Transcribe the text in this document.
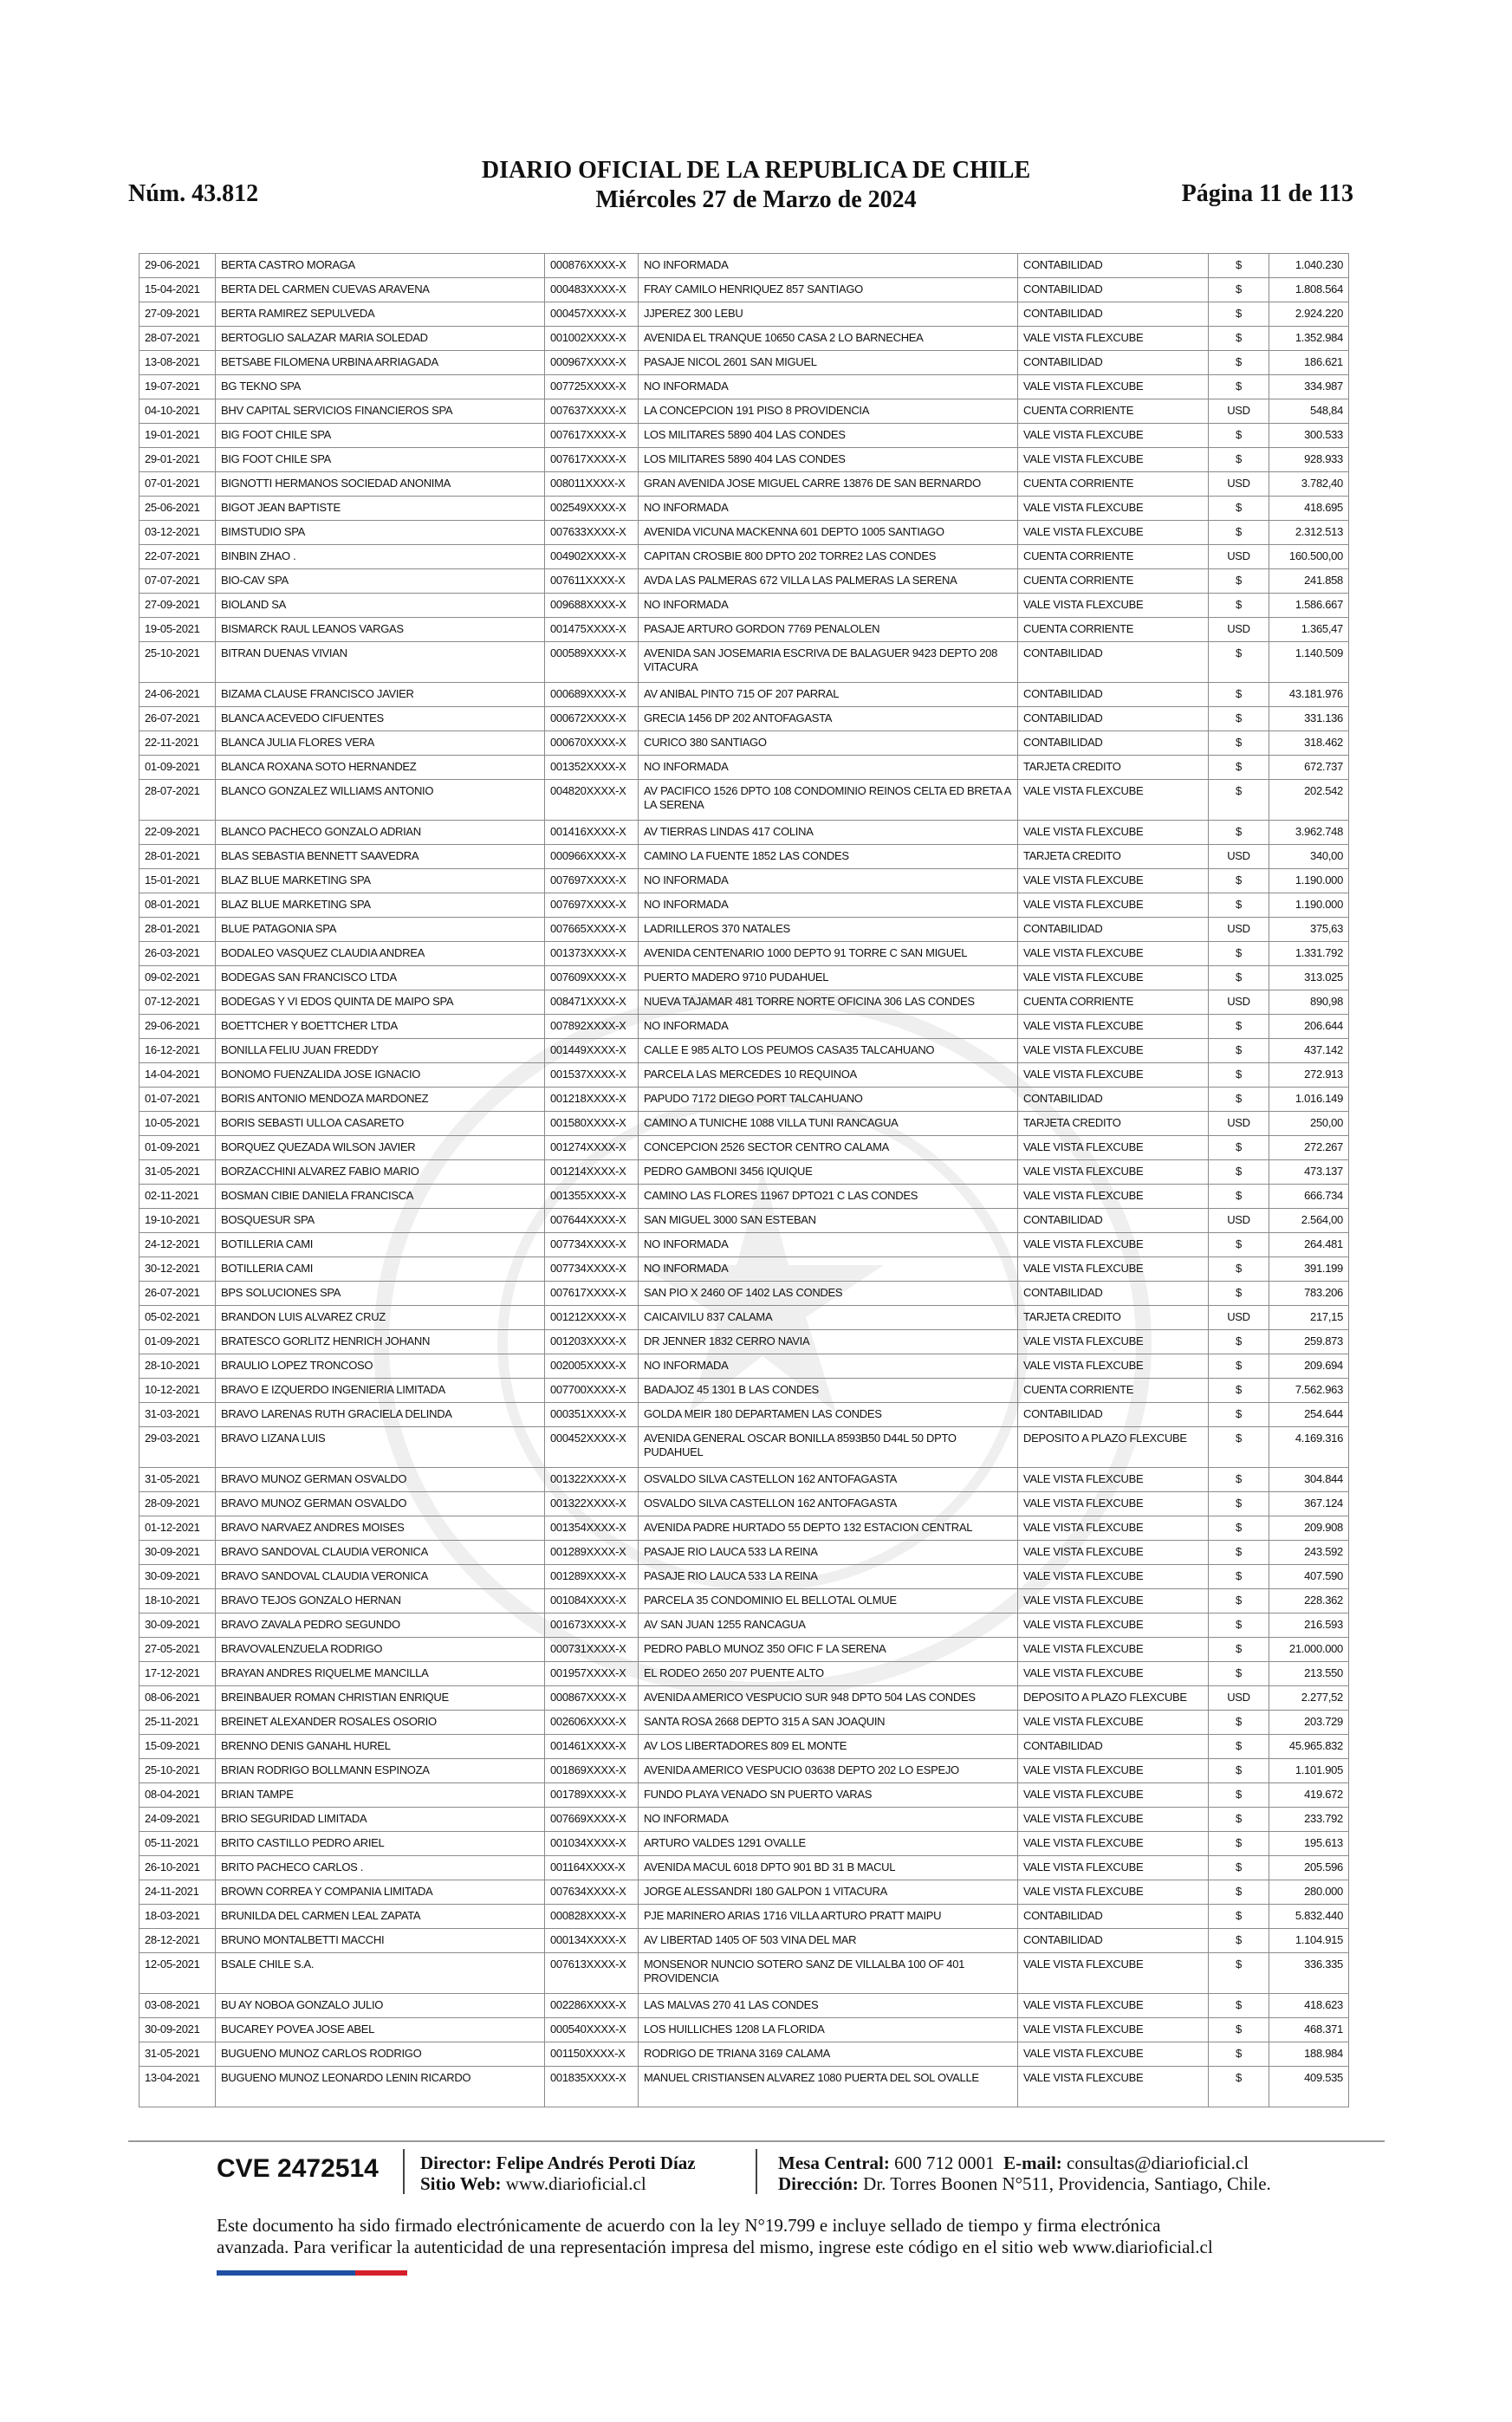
Núm. 43.812
DIARIO OFICIAL DE LA REPUBLICA DE CHILE
Miércoles 27 de Marzo de 2024	Página 11 de 113
29-06-2021	BERTA CASTRO MORAGA	000876XXXX-X	NO INFORMADA	CONTABILIDAD	$	1.040.230
15-04-2021	BERTA DEL CARMEN CUEVAS ARAVENA	000483XXXX-X	FRAY CAMILO HENRIQUEZ 857 SANTIAGO	CONTABILIDAD	$	1.808.564
27-09-2021	BERTA RAMIREZ SEPULVEDA	000457XXXX-X	JJPEREZ 300 LEBU	CONTABILIDAD	$	2.924.220
28-07-2021	BERTOGLIO SALAZAR MARIA SOLEDAD	001002XXXX-X	AVENIDA EL TRANQUE 10650 CASA 2 LO BARNECHEA	VALE VISTA FLEXCUBE	$	1.352.984
13-08-2021	BETSABE FILOMENA URBINA ARRIAGADA	000967XXXX-X	PASAJE NICOL 2601 SAN MIGUEL	CONTABILIDAD	$	186.621
19-07-2021	BG TEKNO SPA	007725XXXX-X	NO INFORMADA	VALE VISTA FLEXCUBE	$	334.987
04-10-2021	BHV CAPITAL SERVICIOS FINANCIEROS SPA	007637XXXX-X	LA CONCEPCION 191 PISO 8 PROVIDENCIA	CUENTA CORRIENTE	USD	548,84
19-01-2021	BIG FOOT CHILE SPA	007617XXXX-X	LOS MILITARES 5890 404 LAS CONDES	VALE VISTA FLEXCUBE	$	300.533
29-01-2021	BIG FOOT CHILE SPA	007617XXXX-X	LOS MILITARES 5890 404 LAS CONDES	VALE VISTA FLEXCUBE	$	928.933
07-01-2021	BIGNOTTI HERMANOS SOCIEDAD ANONIMA	008011XXXX-X	GRAN AVENIDA JOSE MIGUEL CARRE 13876 DE SAN BERNARDO	CUENTA CORRIENTE	USD	3.782,40
25-06-2021	BIGOT JEAN BAPTISTE	002549XXXX-X	NO INFORMADA	VALE VISTA FLEXCUBE	$	418.695
03-12-2021	BIMSTUDIO SPA	007633XXXX-X	AVENIDA VICUNA MACKENNA 601 DEPTO 1005 SANTIAGO	VALE VISTA FLEXCUBE	$	2.312.513
22-07-2021	BINBIN ZHAO .	004902XXXX-X	CAPITAN CROSBIE 800 DPTO 202 TORRE2 LAS CONDES	CUENTA CORRIENTE	USD	160.500,00
07-07-2021	BIO-CAV SPA	007611XXXX-X	AVDA LAS PALMERAS 672 VILLA LAS PALMERAS LA SERENA	CUENTA CORRIENTE	$	241.858
27-09-2021	BIOLAND SA	009688XXXX-X	NO INFORMADA	VALE VISTA FLEXCUBE	$	1.586.667
19-05-2021	BISMARCK RAUL LEANOS VARGAS	001475XXXX-X	PASAJE ARTURO GORDON 7769 PENALOLEN	CUENTA CORRIENTE	USD	1.365,47
25-10-2021	BITRAN DUENAS VIVIAN	000589XXXX-X	AVENIDA SAN JOSEMARIA ESCRIVA DE BALAGUER 9423 DEPTO 208 VITACURA	CONTABILIDAD	$	1.140.509
24-06-2021	BIZAMA CLAUSE FRANCISCO JAVIER	000689XXXX-X	AV ANIBAL PINTO 715 OF 207 PARRAL	CONTABILIDAD	$	43.181.976
26-07-2021	BLANCA ACEVEDO CIFUENTES	000672XXXX-X	GRECIA 1456 DP 202 ANTOFAGASTA	CONTABILIDAD	$	331.136
22-11-2021	BLANCA JULIA FLORES VERA	000670XXXX-X	CURICO 380 SANTIAGO	CONTABILIDAD	$	318.462
01-09-2021	BLANCA ROXANA SOTO HERNANDEZ	001352XXXX-X	NO INFORMADA	TARJETA CREDITO	$	672.737
28-07-2021	BLANCO GONZALEZ WILLIAMS ANTONIO	004820XXXX-X	AV PACIFICO 1526 DPTO 108 CONDOMINIO REINOS CELTA ED BRETA A LA SERENA	VALE VISTA FLEXCUBE	$	202.542
22-09-2021	BLANCO PACHECO GONZALO ADRIAN	001416XXXX-X	AV TIERRAS LINDAS 417 COLINA	VALE VISTA FLEXCUBE	$	3.962.748
28-01-2021	BLAS SEBASTIA BENNETT SAAVEDRA	000966XXXX-X	CAMINO LA FUENTE 1852 LAS CONDES	TARJETA CREDITO	USD	340,00
15-01-2021	BLAZ BLUE MARKETING SPA	007697XXXX-X	NO INFORMADA	VALE VISTA FLEXCUBE	$	1.190.000
08-01-2021	BLAZ BLUE MARKETING SPA	007697XXXX-X	NO INFORMADA	VALE VISTA FLEXCUBE	$	1.190.000
28-01-2021	BLUE PATAGONIA SPA	007665XXXX-X	LADRILLEROS 370 NATALES	CONTABILIDAD	USD	375,63
26-03-2021	BODALEO VASQUEZ CLAUDIA ANDREA	001373XXXX-X	AVENIDA CENTENARIO 1000 DEPTO 91 TORRE C SAN MIGUEL	VALE VISTA FLEXCUBE	$	1.331.792
09-02-2021	BODEGAS SAN FRANCISCO LTDA	007609XXXX-X	PUERTO MADERO 9710 PUDAHUEL	VALE VISTA FLEXCUBE	$	313.025
07-12-2021	BODEGAS Y VI EDOS QUINTA DE MAIPO SPA	008471XXXX-X	NUEVA TAJAMAR 481 TORRE NORTE OFICINA 306 LAS CONDES	CUENTA CORRIENTE	USD	890,98
29-06-2021	BOETTCHER Y BOETTCHER LTDA	007892XXXX-X	NO INFORMADA	VALE VISTA FLEXCUBE	$	206.644
16-12-2021	BONILLA FELIU JUAN FREDDY	001449XXXX-X	CALLE E 985 ALTO LOS PEUMOS CASA35 TALCAHUANO	VALE VISTA FLEXCUBE	$	437.142
14-04-2021	BONOMO FUENZALIDA JOSE IGNACIO	001537XXXX-X	PARCELA LAS MERCEDES 10 REQUINOA	VALE VISTA FLEXCUBE	$	272.913
01-07-2021	BORIS ANTONIO MENDOZA MARDONEZ	001218XXXX-X	PAPUDO 7172 DIEGO PORT TALCAHUANO	CONTABILIDAD	$	1.016.149
10-05-2021	BORIS SEBASTI ULLOA CASARETO	001580XXXX-X	CAMINO A TUNICHE 1088 VILLA TUNI RANCAGUA	TARJETA CREDITO	USD	250,00
01-09-2021	BORQUEZ QUEZADA WILSON JAVIER	001274XXXX-X	CONCEPCION 2526 SECTOR CENTRO CALAMA	VALE VISTA FLEXCUBE	$	272.267
31-05-2021	BORZACCHINI ALVAREZ FABIO MARIO	001214XXXX-X	PEDRO GAMBONI 3456 IQUIQUE	VALE VISTA FLEXCUBE	$	473.137
02-11-2021	BOSMAN CIBIE DANIELA FRANCISCA	001355XXXX-X	CAMINO LAS FLORES 11967 DPTO21 C LAS CONDES	VALE VISTA FLEXCUBE	$	666.734
19-10-2021	BOSQUESUR SPA	007644XXXX-X	SAN MIGUEL 3000 SAN ESTEBAN	CONTABILIDAD	USD	2.564,00
24-12-2021	BOTILLERIA CAMI	007734XXXX-X	NO INFORMADA	VALE VISTA FLEXCUBE	$	264.481
30-12-2021	BOTILLERIA CAMI	007734XXXX-X	NO INFORMADA	VALE VISTA FLEXCUBE	$	391.199
26-07-2021	BPS SOLUCIONES SPA	007617XXXX-X	SAN PIO X 2460 OF 1402 LAS CONDES	CONTABILIDAD	$	783.206
05-02-2021	BRANDON LUIS ALVAREZ CRUZ	001212XXXX-X	CAICAIVILU 837 CALAMA	TARJETA CREDITO	USD	217,15
01-09-2021	BRATESCO GORLITZ HENRICH JOHANN	001203XXXX-X	DR JENNER 1832 CERRO NAVIA	VALE VISTA FLEXCUBE	$	259.873
28-10-2021	BRAULIO LOPEZ TRONCOSO	002005XXXX-X	NO INFORMADA	VALE VISTA FLEXCUBE	$	209.694
10-12-2021	BRAVO E IZQUERDO INGENIERIA LIMITADA	007700XXXX-X	BADAJOZ 45 1301 B LAS CONDES	CUENTA CORRIENTE	$	7.562.963
31-03-2021	BRAVO LARENAS RUTH GRACIELA DELINDA	000351XXXX-X	GOLDA MEIR 180 DEPARTAMEN LAS CONDES	CONTABILIDAD	$	254.644
29-03-2021	BRAVO LIZANA LUIS	000452XXXX-X	AVENIDA GENERAL OSCAR BONILLA 8593B50 D44L 50 DPTO PUDAHUEL	DEPOSITO A PLAZO FLEXCUBE	$	4.169.316
31-05-2021	BRAVO MUNOZ GERMAN OSVALDO	001322XXXX-X	OSVALDO SILVA CASTELLON 162 ANTOFAGASTA	VALE VISTA FLEXCUBE	$	304.844
28-09-2021	BRAVO MUNOZ GERMAN OSVALDO	001322XXXX-X	OSVALDO SILVA CASTELLON 162 ANTOFAGASTA	VALE VISTA FLEXCUBE	$	367.124
01-12-2021	BRAVO NARVAEZ ANDRES MOISES	001354XXXX-X	AVENIDA PADRE HURTADO 55 DEPTO 132 ESTACION CENTRAL	VALE VISTA FLEXCUBE	$	209.908
30-09-2021	BRAVO SANDOVAL CLAUDIA VERONICA	001289XXXX-X	PASAJE RIO LAUCA 533 LA REINA	VALE VISTA FLEXCUBE	$	243.592
30-09-2021	BRAVO SANDOVAL CLAUDIA VERONICA	001289XXXX-X	PASAJE RIO LAUCA 533 LA REINA	VALE VISTA FLEXCUBE	$	407.590
18-10-2021	BRAVO TEJOS GONZALO HERNAN	001084XXXX-X	PARCELA 35 CONDOMINIO EL BELLOTAL OLMUE	VALE VISTA FLEXCUBE	$	228.362
30-09-2021	BRAVO ZAVALA PEDRO SEGUNDO	001673XXXX-X	AV SAN JUAN 1255 RANCAGUA	VALE VISTA FLEXCUBE	$	216.593
27-05-2021	BRAVOVALENZUELA RODRIGO	000731XXXX-X	PEDRO PABLO MUNOZ 350 OFIC F LA SERENA	VALE VISTA FLEXCUBE	$	21.000.000
17-12-2021	BRAYAN ANDRES RIQUELME MANCILLA	001957XXXX-X	EL RODEO 2650 207 PUENTE ALTO	VALE VISTA FLEXCUBE	$	213.550
08-06-2021	BREINBAUER ROMAN CHRISTIAN ENRIQUE	000867XXXX-X	AVENIDA AMERICO VESPUCIO SUR 948 DPTO 504 LAS CONDES	DEPOSITO A PLAZO FLEXCUBE	USD	2.277,52
25-11-2021	BREINET ALEXANDER ROSALES OSORIO	002606XXXX-X	SANTA ROSA 2668 DEPTO 315 A SAN JOAQUIN	VALE VISTA FLEXCUBE	$	203.729
15-09-2021	BRENNO DENIS GANAHL HUREL	001461XXXX-X	AV LOS LIBERTADORES 809 EL MONTE	CONTABILIDAD	$	45.965.832
25-10-2021	BRIAN RODRIGO BOLLMANN ESPINOZA	001869XXXX-X	AVENIDA AMERICO VESPUCIO 03638 DEPTO 202 LO ESPEJO	VALE VISTA FLEXCUBE	$	1.101.905
08-04-2021	BRIAN TAMPE	001789XXXX-X	FUNDO PLAYA VENADO SN PUERTO VARAS	VALE VISTA FLEXCUBE	$	419.672
24-09-2021	BRIO SEGURIDAD LIMITADA	007669XXXX-X	NO INFORMADA	VALE VISTA FLEXCUBE	$	233.792
05-11-2021	BRITO CASTILLO PEDRO ARIEL	001034XXXX-X	ARTURO VALDES 1291 OVALLE	VALE VISTA FLEXCUBE	$	195.613
26-10-2021	BRITO PACHECO CARLOS .	001164XXXX-X	AVENIDA MACUL 6018 DPTO 901 BD 31 B MACUL	VALE VISTA FLEXCUBE	$	205.596
24-11-2021	BROWN CORREA Y COMPANIA LIMITADA	007634XXXX-X	JORGE ALESSANDRI 180 GALPON 1 VITACURA	VALE VISTA FLEXCUBE	$	280.000
18-03-2021	BRUNILDA DEL CARMEN LEAL ZAPATA	000828XXXX-X	PJE MARINERO ARIAS 1716 VILLA ARTURO PRATT MAIPU	CONTABILIDAD	$	5.832.440
28-12-2021	BRUNO MONTALBETTI MACCHI	000134XXXX-X	AV LIBERTAD 1405 OF 503 VINA DEL MAR	CONTABILIDAD	$	1.104.915
12-05-2021	BSALE CHILE S.A.	007613XXXX-X	MONSENOR NUNCIO SOTERO SANZ DE VILLALBA 100 OF 401 PROVIDENCIA	VALE VISTA FLEXCUBE	$	336.335
03-08-2021	BU AY NOBOA GONZALO JULIO	002286XXXX-X	LAS MALVAS 270 41 LAS CONDES	VALE VISTA FLEXCUBE	$	418.623
30-09-2021	BUCAREY POVEA JOSE ABEL	000540XXXX-X	LOS HUILLICHES 1208 LA FLORIDA	VALE VISTA FLEXCUBE	$	468.371
31-05-2021	BUGUENO MUNOZ CARLOS RODRIGO	001150XXXX-X	RODRIGO DE TRIANA 3169 CALAMA	VALE VISTA FLEXCUBE	$	188.984
13-04-2021	BUGUENO MUNOZ LEONARDO LENIN RICARDO	001835XXXX-X	MANUEL CRISTIANSEN ALVAREZ 1080 PUERTA DEL SOL OVALLE	VALE VISTA FLEXCUBE	$	409.535
CVE 2472514 Director: Felipe Andrés Peroti Díaz
Sitio Web: www.diarioficial.cl
Mesa Central: 600 712 0001 E-mail: consultas@diarioficial.cl
Dirección: Dr. Torres Boonen N°511, Providencia, Santiago, Chile.
Este documento ha sido firmado electrónicamente de acuerdo con la ley N°19.799 e incluye sellado de tiempo y firma electrónica
avanzada. Para verificar la autenticidad de una representación impresa del mismo, ingrese este código en el sitio web www.diarioficial.cl
